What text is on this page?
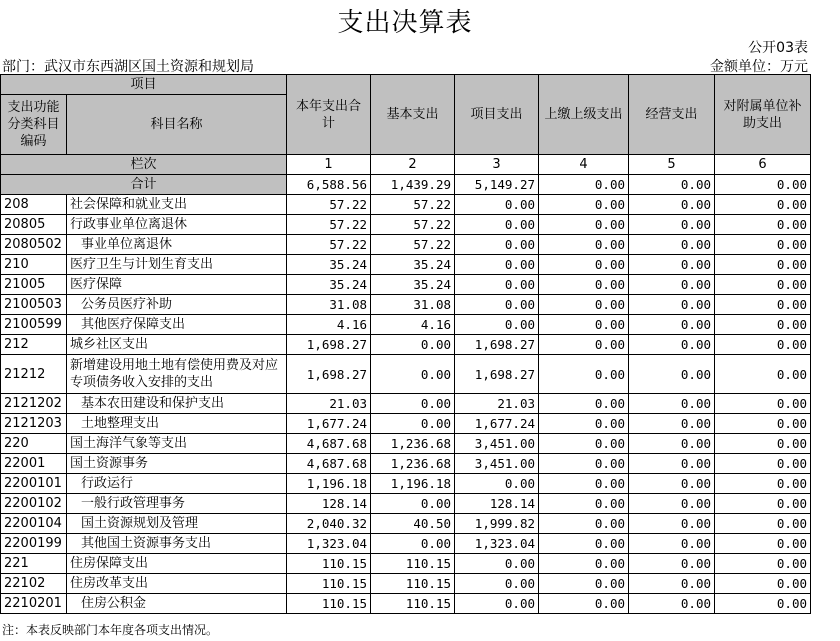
支出决算表
公开03表
部门：武汉市东西湖区国土资源和规划局	金额单位：万元
项目		本年支出合计	基本支出	项目支出	上缴上级支出	经营支出	对附属单位补助支出
支出功能分类科目编码	科目名称						
栏次		1	2	3	4	5	6
合计		6,588.56	1,439.29	5,149.27	0.00	0.00	0.00
208	社会保障和就业支出	57.22	57.22	0.00	0.00	0.00	0.00
20805	行政事业单位离退休	57.22	57.22	0.00	0.00	0.00	0.00
2080502	事业单位离退休	57.22	57.22	0.00	0.00	0.00	0.00
210	医疗卫生与计划生育支出	35.24	35.24	0.00	0.00	0.00	0.00
21005	医疗保障	35.24	35.24	0.00	0.00	0.00	0.00
2100503	公务员医疗补助	31.08	31.08	0.00	0.00	0.00	0.00
2100599	其他医疗保障支出	4.16	4.16	0.00	0.00	0.00	0.00
212	城乡社区支出	1,698.27	0.00	1,698.27	0.00	0.00	0.00
21212	新增建设用地土地有偿使用费及对应专项债务收入安排的支出	1,698.27	0.00	1,698.27	0.00	0.00	0.00
2121202	基本农田建设和保护支出	21.03	0.00	21.03	0.00	0.00	0.00
2121203	土地整理支出	1,677.24	0.00	1,677.24	0.00	0.00	0.00
220	国土海洋气象等支出	4,687.68	1,236.68	3,451.00	0.00	0.00	0.00
22001	国土资源事务	4,687.68	1,236.68	3,451.00	0.00	0.00	0.00
2200101	行政运行	1,196.18	1,196.18	0.00	0.00	0.00	0.00
2200102	一般行政管理事务	128.14	0.00	128.14	0.00	0.00	0.00
2200104	国土资源规划及管理	2,040.32	40.50	1,999.82	0.00	0.00	0.00
2200199	其他国土资源事务支出	1,323.04	0.00	1,323.04	0.00	0.00	0.00
221	住房保障支出	110.15	110.15	0.00	0.00	0.00	0.00
22102	住房改革支出	110.15	110.15	0.00	0.00	0.00	0.00
2210201	住房公积金	110.15	110.15	0.00	0.00	0.00	0.00
注：本表反映部门本年度各项支出情况。
